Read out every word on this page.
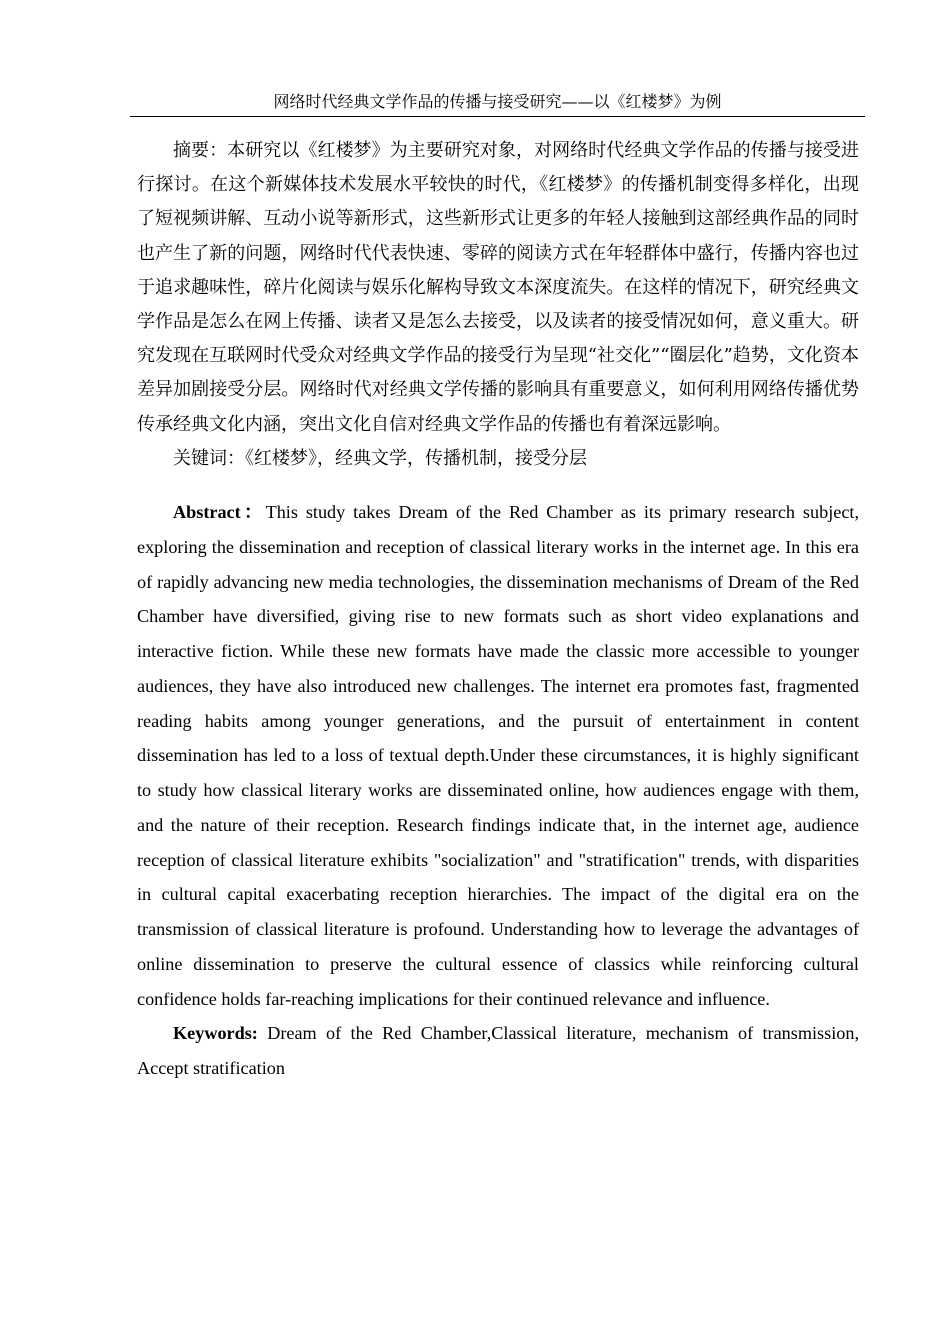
网络时代经典文学作品的传播与接受研究——以《红楼梦》为例

摘要：本研究以《红楼梦》为主要研究对象，对网络时代经典文学作品的传播与接受进行探讨。在这个新媒体技术发展水平较快的时代，《红楼梦》的传播机制变得多样化，出现了短视频讲解、互动小说等新形式，这些新形式让更多的年轻人接触到这部经典作品的同时也产生了新的问题，网络时代代表快速、零碎的阅读方式在年轻群体中盛行，传播内容也过于追求趣味性，碎片化阅读与娱乐化解构导致文本深度流失。在这样的情况下，研究经典文学作品是怎么在网上传播、读者又是怎么去接受，以及读者的接受情况如何，意义重大。研究发现在互联网时代受众对经典文学作品的接受行为呈现“社交化”“圈层化”趋势，文化资本差异加剧接受分层。网络时代对经典文学传播的影响具有重要意义，如何利用网络传播优势传承经典文化内涵，突出文化自信对经典文学作品的传播也有着深远影响。

关键词：《红楼梦》，经典文学，传播机制，接受分层

Abstract：This study takes Dream of the Red Chamber as its primary research subject, exploring the dissemination and reception of classical literary works in the internet age. In this era of rapidly advancing new media technologies, the dissemination mechanisms of Dream of the Red Chamber have diversified, giving rise to new formats such as short video explanations and interactive fiction. While these new formats have made the classic more accessible to younger audiences, they have also introduced new challenges. The internet era promotes fast, fragmented reading habits among younger generations, and the pursuit of entertainment in content dissemination has led to a loss of textual depth.Under these circumstances, it is highly significant to study how classical literary works are disseminated online, how audiences engage with them, and the nature of their reception. Research findings indicate that, in the internet age, audience reception of classical literature exhibits "socialization" and "stratification" trends, with disparities in cultural capital exacerbating reception hierarchies. The impact of the digital era on the transmission of classical literature is profound. Understanding how to leverage the advantages of online dissemination to preserve the cultural essence of classics while reinforcing cultural confidence holds far-reaching implications for their continued relevance and influence.

Keywords: Dream of the Red Chamber,Classical literature, mechanism of transmission, Accept stratification
